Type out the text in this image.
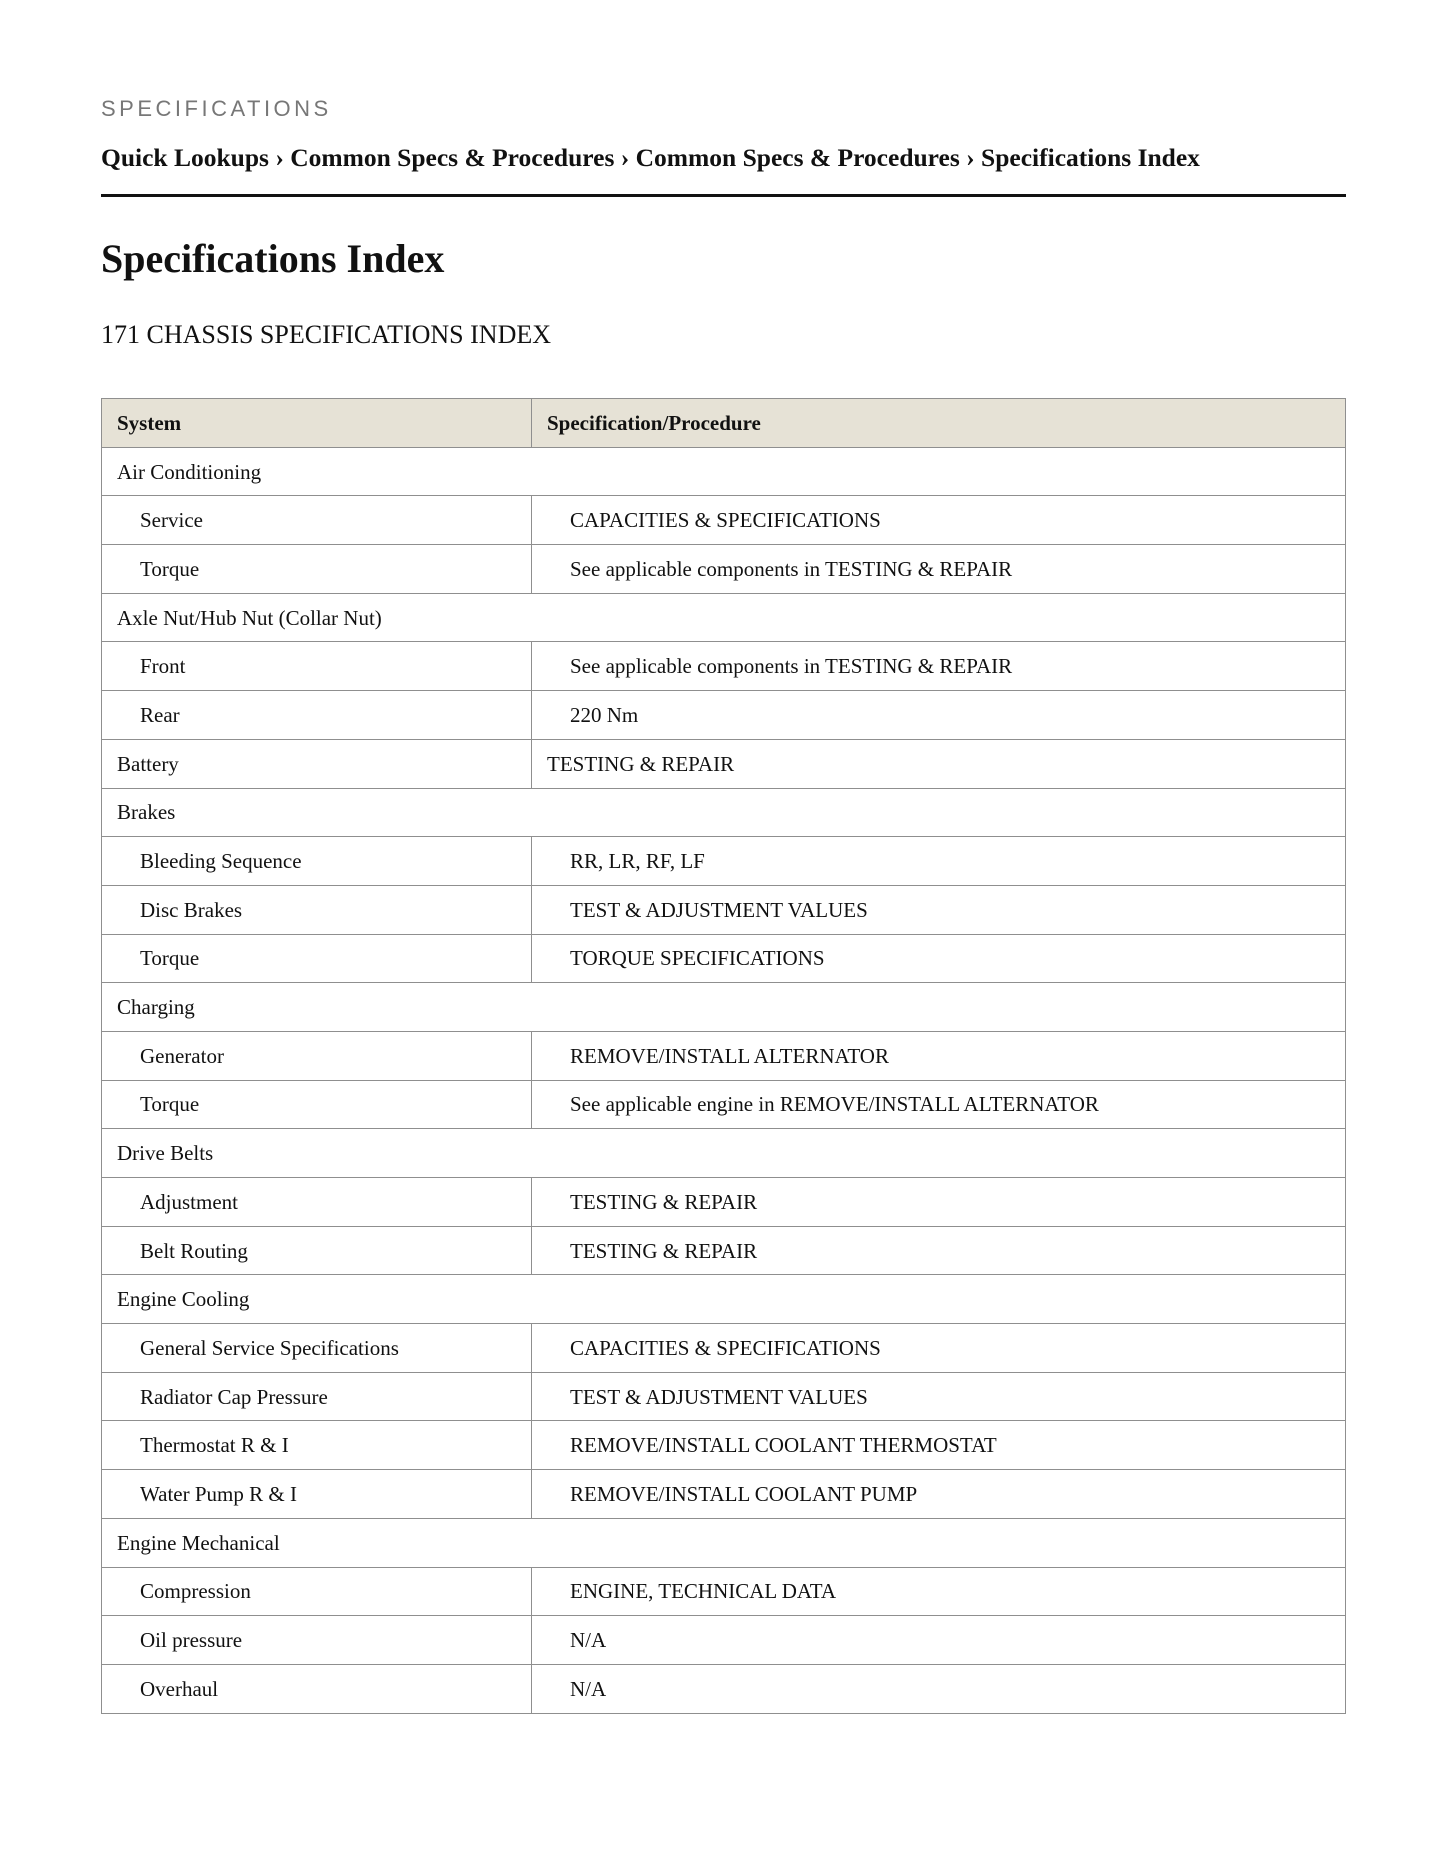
SPECIFICATIONS
Quick Lookups › Common Specs & Procedures › Common Specs & Procedures › Specifications Index
Specifications Index
171 CHASSIS SPECIFICATIONS INDEX
System	Specification/Procedure
Air Conditioning	
Service	CAPACITIES & SPECIFICATIONS
Torque	See applicable components in TESTING & REPAIR
Axle Nut/Hub Nut (Collar Nut)	
Front	See applicable components in TESTING & REPAIR
Rear	220 Nm
Battery	TESTING & REPAIR
Brakes	
Bleeding Sequence	RR, LR, RF, LF
Disc Brakes	TEST & ADJUSTMENT VALUES
Torque	TORQUE SPECIFICATIONS
Charging	
Generator	REMOVE/INSTALL ALTERNATOR
Torque	See applicable engine in REMOVE/INSTALL ALTERNATOR
Drive Belts	
Adjustment	TESTING & REPAIR
Belt Routing	TESTING & REPAIR
Engine Cooling	
General Service Specifications	CAPACITIES & SPECIFICATIONS
Radiator Cap Pressure	TEST & ADJUSTMENT VALUES
Thermostat R & I	REMOVE/INSTALL COOLANT THERMOSTAT
Water Pump R & I	REMOVE/INSTALL COOLANT PUMP
Engine Mechanical	
Compression	ENGINE, TECHNICAL DATA
Oil pressure	N/A
Overhaul	N/A
